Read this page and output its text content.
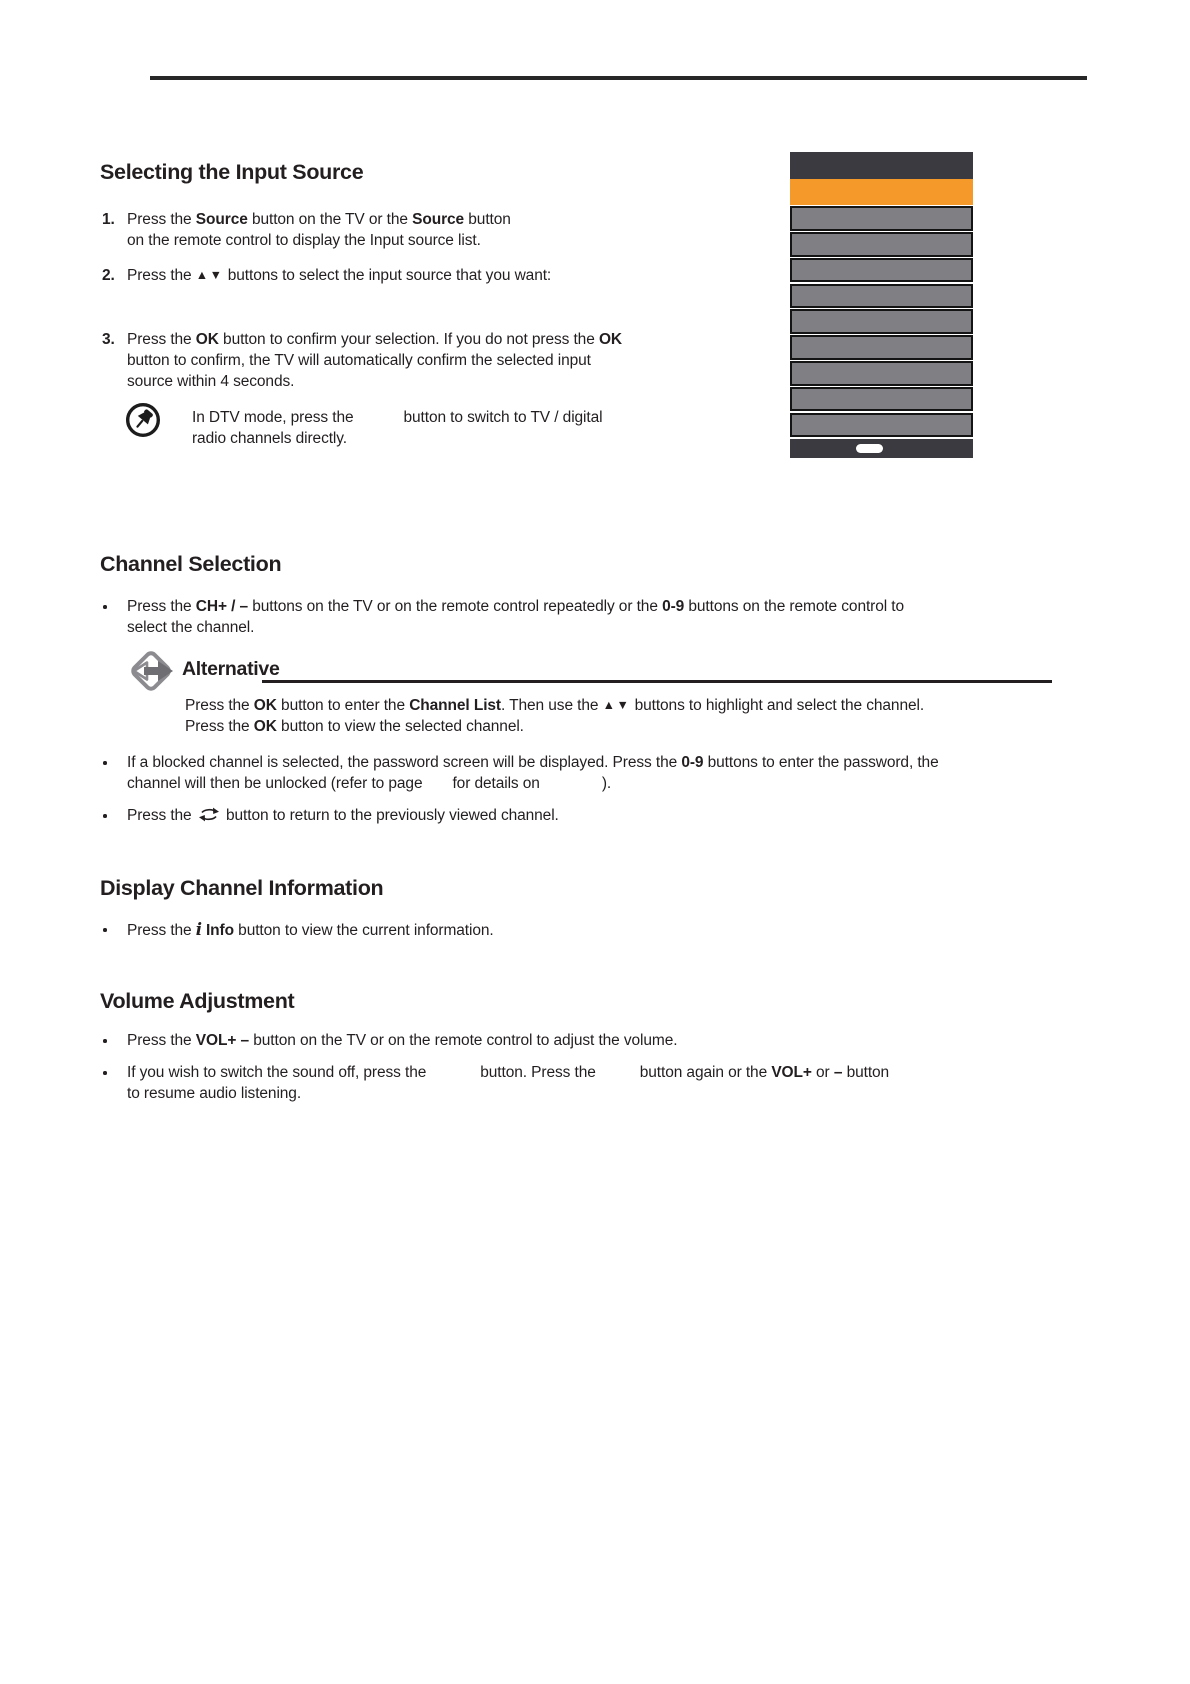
Selecting the Input Source
1. Press the Source button on the TV or the Source button
on the remote control to display the Input source list.
2. Press the ▲▼ buttons to select the input source that you want:
3. Press the OK button to confirm your selection. If you do not press the OK
button to confirm, the TV will automatically confirm the selected input
source within 4 seconds.
In DTV mode, press the	button to switch to TV / digital
radio channels directly.
Channel Selection
Press the CH+ / – buttons on the TV or on the remote control repeatedly or the 0-9 buttons on the remote control to
select the channel.
Alternative
Press the OK button to enter the Channel List. Then use the ▲▼ buttons to highlight and select the channel.
Press the OK button to view the selected channel.
If a blocked channel is selected, the password screen will be displayed. Press the 0-9 buttons to enter the password, the
channel will then be unlocked (refer to page for details on	).
Press the  button to return to the previously viewed channel.
Display Channel Information
Press the i Info button to view the current information.
Volume Adjustment
Press the VOL+ – button on the TV or on the remote control to adjust the volume.
If you wish to switch the sound off, press the	button. Press the	button again or the VOL+ or – button
to resume audio listening.
